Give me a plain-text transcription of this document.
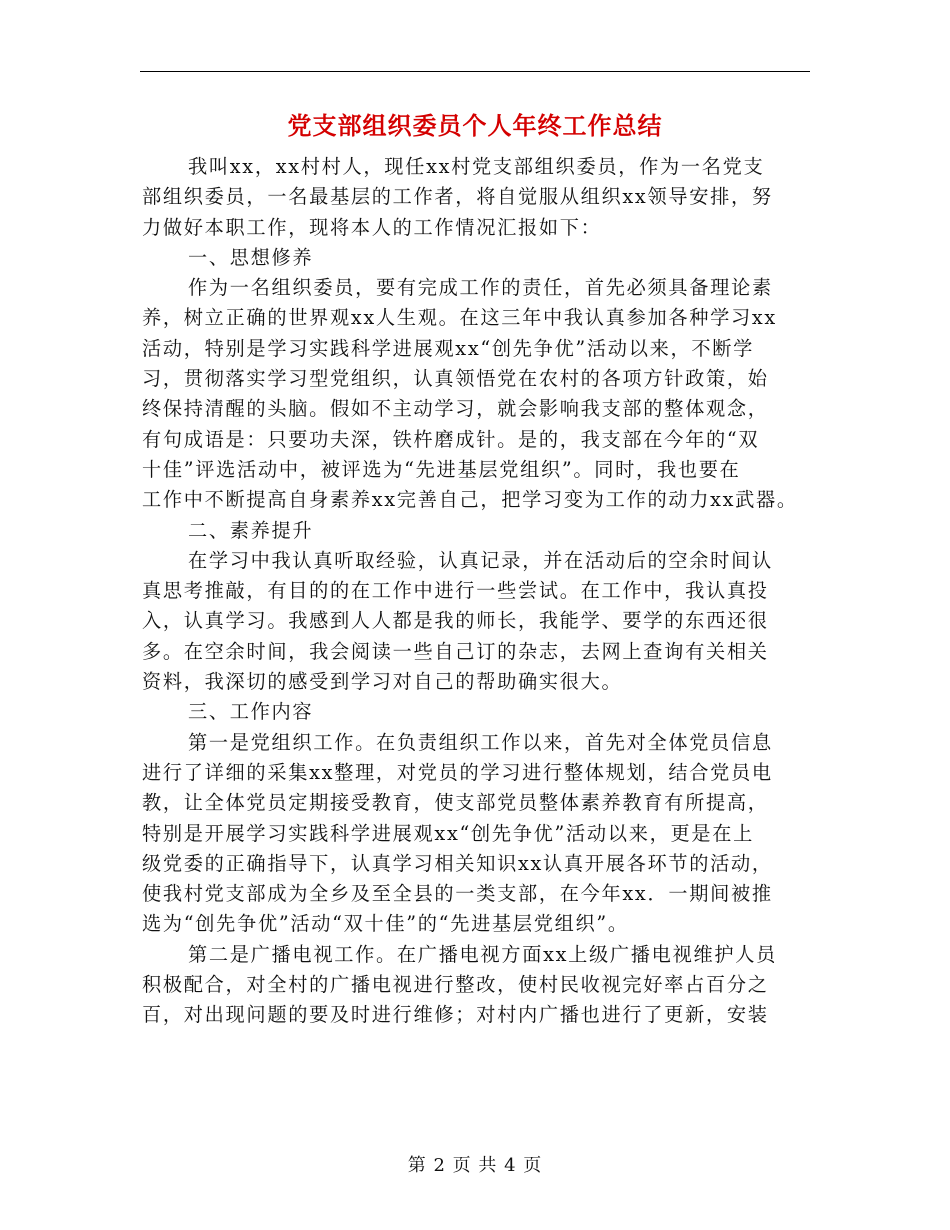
党支部组织委员个人年终工作总结
我叫xx，xx村村人，现任xx村党支部组织委员，作为一名党支
部组织委员，一名最基层的工作者，将自觉服从组织xx领导安排，努
力做好本职工作，现将本人的工作情况汇报如下：
一、思想修养
作为一名组织委员，要有完成工作的责任，首先必须具备理论素
养，树立正确的世界观xx人生观。在这三年中我认真参加各种学习xx
活动，特别是学习实践科学进展观xx“创先争优”活动以来，不断学
习，贯彻落实学习型党组织，认真领悟党在农村的各项方针政策，始
终保持清醒的头脑。假如不主动学习，就会影响我支部的整体观念，
有句成语是：只要功夫深，铁杵磨成针。是的，我支部在今年的“双
十佳”评选活动中，被评选为“先进基层党组织”。同时，我也要在
工作中不断提高自身素养xx完善自己，把学习变为工作的动力xx武器。
二、素养提升
在学习中我认真听取经验，认真记录，并在活动后的空余时间认
真思考推敲，有目的的在工作中进行一些尝试。在工作中，我认真投
入，认真学习。我感到人人都是我的师长，我能学、要学的东西还很
多。在空余时间，我会阅读一些自己订的杂志，去网上查询有关相关
资料，我深切的感受到学习对自己的帮助确实很大。
三、工作内容
第一是党组织工作。在负责组织工作以来，首先对全体党员信息
进行了详细的采集xx整理，对党员的学习进行整体规划，结合党员电
教，让全体党员定期接受教育，使支部党员整体素养教育有所提高，
特别是开展学习实践科学进展观xx“创先争优”活动以来，更是在上
级党委的正确指导下，认真学习相关知识xx认真开展各环节的活动，
使我村党支部成为全乡及至全县的一类支部，在今年xx．一期间被推
选为“创先争优”活动“双十佳”的“先进基层党组织”。
第二是广播电视工作。在广播电视方面xx上级广播电视维护人员
积极配合，对全村的广播电视进行整改，使村民收视完好率占百分之
百，对出现问题的要及时进行维修；对村内广播也进行了更新，安装
第 2 页 共 4 页
